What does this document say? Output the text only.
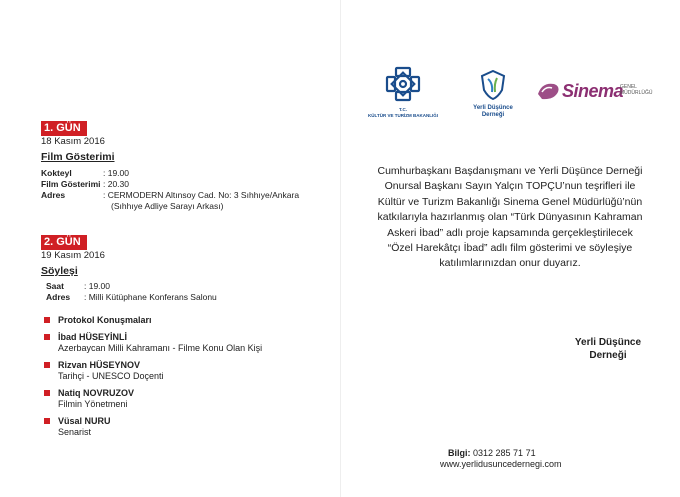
1. GÜN
18 Kasım 2016
Film Gösterimi
Kokteyl	: 19.00
Film Gösterimi : 20.30
Adres	: CERMODERN Altınsoy Cad. No: 3 Sıhhıye/Ankara
(Sıhhıye Adliye Sarayı Arkası)
2. GÜN
19 Kasım 2016
Söyleşi
Saat : 19.00
Adres : Milli Kütüphane Konferans Salonu
Protokol Konuşmaları
İbad HÜSEYİNLİ
Azerbaycan Milli Kahramanı - Filme Konu Olan Kişi
Rizvan HÜSEYNOV
Tarihçi - UNESCO Doçenti
Natiq NOVRUZOV
Filmin Yönetmeni
Vüsal NURU
Senarist
T.C.
KÜLTÜR VE TURİZM BAKANLIĞI
Yerli Düşünce
Derneği
Sinema
GENEL
MÜDÜRLÜĞÜ
Cumhurbaşkanı Başdanışmanı ve Yerli Düşünce Derneği
Onursal Başkanı Sayın Yalçın TOPÇU’nun teşrifleri ile
Kültür ve Turizm Bakanlığı Sinema Genel Müdürlüğü’nün
katkılarıyla hazırlanmış olan “Türk Dünyasının Kahraman
Askeri İbad” adlı proje kapsamında gerçekleştirilecek
“Özel Harekâtçı İbad” adlı film gösterimi ve söyleşiye
katılımlarınızdan onur duyarız.
Yerli Düşünce
Derneği
Bilgi: 0312 285 71 71
www.yerlidusuncedernegi.com
